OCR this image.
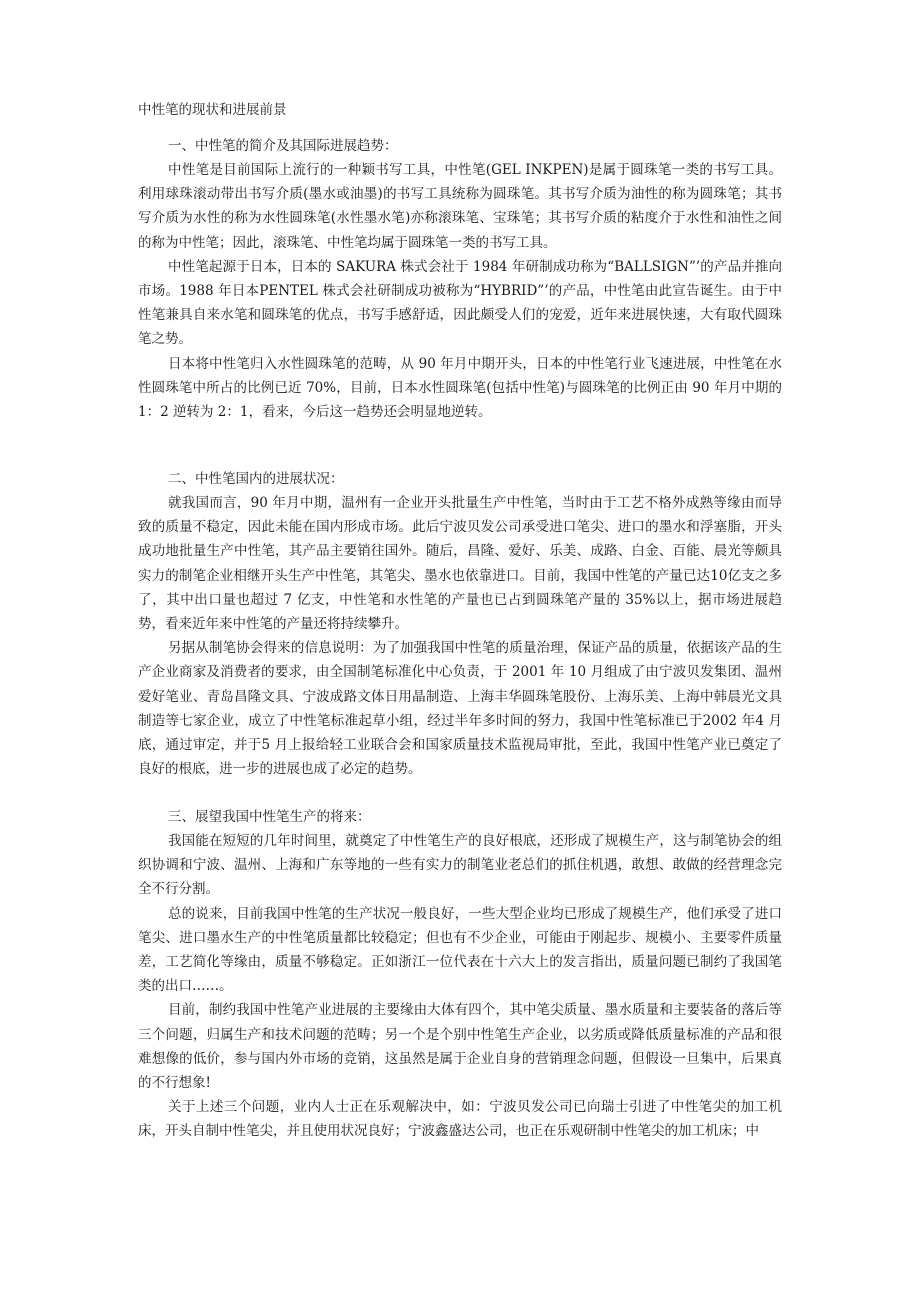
中性笔的现状和进展前景
一、中性笔的简介及其国际进展趋势：

中性笔是目前国际上流行的一种颖书写工具，中性笔(GEL INKPEN)是属于圆珠笔一类的书写工具。利用球珠滚动带出书写介质(墨水或油墨)的书写工具统称为圆珠笔。其书写介质为油性的称为圆珠笔；其书写介质为水性的称为水性圆珠笔(水性墨水笔)亦称滚珠笔、宝珠笔；其书写介质的粘度介于水性和油性之间的称为中性笔；因此，滚珠笔、中性笔均属于圆珠笔一类的书写工具。

中性笔起源于日本，日本的 SAKURA 株式会社于 1984 年研制成功称为“BALLSIGN”’的产品并推向市场。1988 年日本PENTEL 株式会社研制成功被称为“HYBRID”’的产品，中性笔由此宣告诞生。由于中性笔兼具自来水笔和圆珠笔的优点，书写手感舒适，因此颇受人们的宠爱，近年来进展快速，大有取代圆珠笔之势。

日本将中性笔归入水性圆珠笔的范畴，从 90 年月中期开头，日本的中性笔行业飞速进展，中性笔在水性圆珠笔中所占的比例已近 70%，目前，日本水性圆珠笔(包括中性笔)与圆珠笔的比例正由 90 年月中期的 1：2 逆转为 2：1，看来，今后这一趋势还会明显地逆转。

二、中性笔国内的进展状况：

就我国而言，90 年月中期，温州有一企业开头批量生产中性笔，当时由于工艺不格外成熟等缘由而导致的质量不稳定，因此未能在国内形成市场。此后宁波贝发公司承受进口笔尖、进口的墨水和浮塞脂，开头成功地批量生产中性笔，其产品主要销往国外。随后，昌隆、爱好、乐美、成路、白金、百能、晨光等颇具实力的制笔企业相继开头生产中性笔，其笔尖、墨水也依靠进口。目前，我国中性笔的产量已达10亿支之多了，其中出口量也超过 7 亿支，中性笔和水性笔的产量也已占到圆珠笔产量的 35%以上，据市场进展趋势，看来近年来中性笔的产量还将持续攀升。

另据从制笔协会得来的信息说明：为了加强我国中性笔的质量治理，保证产品的质量，依据该产品的生产企业商家及消费者的要求，由全国制笔标准化中心负责，于 2001 年 10 月组成了由宁波贝发集团、温州爱好笔业、青岛昌隆文具、宁波成路文体日用晶制造、上海丰华圆珠笔股份、上海乐美、上海中韩晨光文具制造等七家企业，成立了中性笔标准起草小组，经过半年多时间的努力，我国中性笔标准已于2002 年4 月底，通过审定，并于5 月上报给轻工业联合会和国家质量技术监视局审批，至此，我国中性笔产业已奠定了良好的根底，进一步的进展也成了必定的趋势。

三、展望我国中性笔生产的将来：

我国能在短短的几年时间里，就奠定了中性笔生产的良好根底，还形成了规模生产，这与制笔协会的组织协调和宁波、温州、上海和广东等地的一些有实力的制笔业老总们的抓住机遇，敢想、敢做的经营理念完全不行分割。

总的说来，目前我国中性笔的生产状况一般良好，一些大型企业均已形成了规模生产，他们承受了进口笔尖、进口墨水生产的中性笔质量都比较稳定；但也有不少企业，可能由于刚起步、规模小、主要零件质量差，工艺简化等缘由，质量不够稳定。正如浙江一位代表在十六大上的发言指出，质量问题已制约了我国笔类的出口……。

目前，制约我国中性笔产业进展的主要缘由大体有四个，其中笔尖质量、墨水质量和主要装备的落后等三个问题，归属生产和技术问题的范畴；另一个是个别中性笔生产企业，以劣质或降低质量标准的产品和很难想像的低价，参与国内外市场的竞销，这虽然是属于企业自身的营销理念问题，但假设一旦集中，后果真的不行想象!

关于上述三个问题，业内人士正在乐观解决中，如：宁波贝发公司已向瑞士引进了中性笔尖的加工机床，开头自制中性笔尖，并且使用状况良好；宁波鑫盛达公司，也正在乐观研制中性笔尖的加工机床；中
